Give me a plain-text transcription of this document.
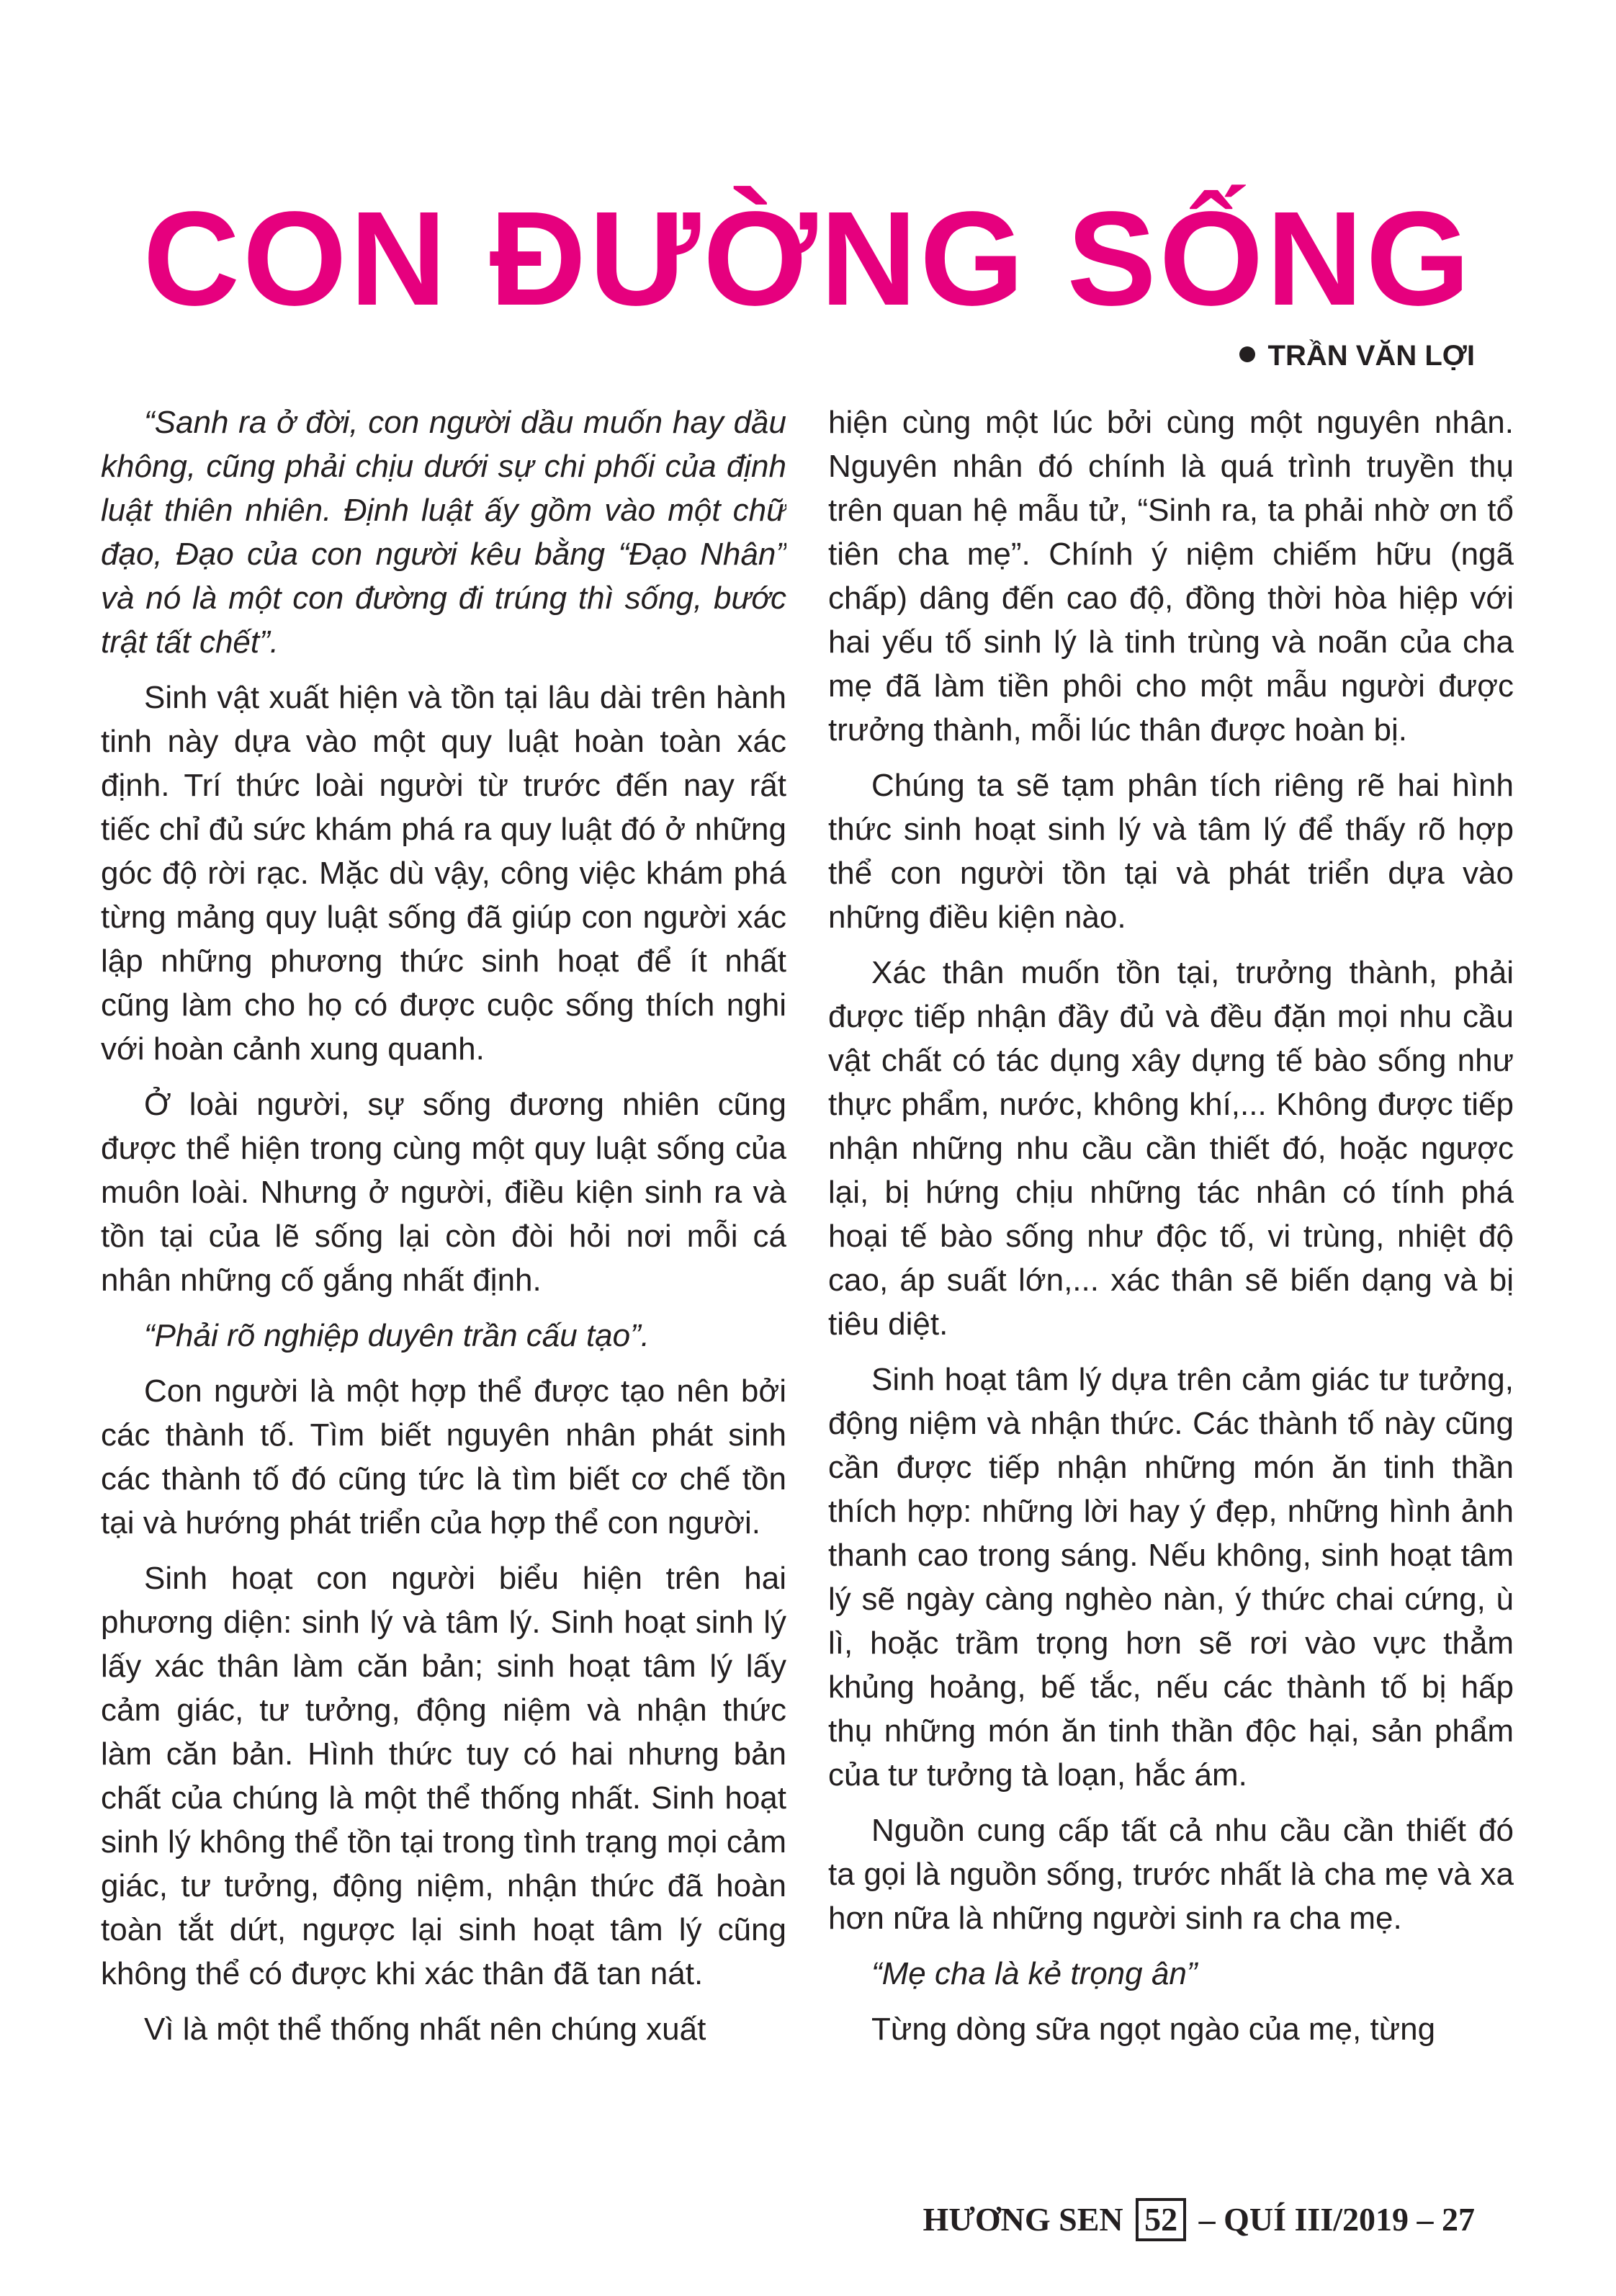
CON ĐƯỜNG SỐNG
TRẦN VĂN LỢI

“Sanh ra ở đời, con người dầu muốn hay dầu không, cũng phải chịu dưới sự chi phối của định luật thiên nhiên. Định luật ấy gồm vào một chữ đạo, Đạo của con người kêu bằng “Đạo Nhân” và nó là một con đường đi trúng thì sống, bước trật tất chết”.

Sinh vật xuất hiện và tồn tại lâu dài trên hành tinh này dựa vào một quy luật hoàn toàn xác định. Trí thức loài người từ trước đến nay rất tiếc chỉ đủ sức khám phá ra quy luật đó ở những góc độ rời rạc. Mặc dù vậy, công việc khám phá từng mảng quy luật sống đã giúp con người xác lập những phương thức sinh hoạt để ít nhất cũng làm cho họ có được cuộc sống thích nghi với hoàn cảnh xung quanh.

Ở loài người, sự sống đương nhiên cũng được thể hiện trong cùng một quy luật sống của muôn loài. Nhưng ở người, điều kiện sinh ra và tồn tại của lẽ sống lại còn đòi hỏi nơi mỗi cá nhân những cố gắng nhất định.

“Phải rõ nghiệp duyên trần cấu tạo”.

Con người là một hợp thể được tạo nên bởi các thành tố. Tìm biết nguyên nhân phát sinh các thành tố đó cũng tức là tìm biết cơ chế tồn tại và hướng phát triển của hợp thể con người.

Sinh hoạt con người biểu hiện trên hai phương diện: sinh lý và tâm lý. Sinh hoạt sinh lý lấy xác thân làm căn bản; sinh hoạt tâm lý lấy cảm giác, tư tưởng, động niệm và nhận thức làm căn bản. Hình thức tuy có hai nhưng bản chất của chúng là một thể thống nhất. Sinh hoạt sinh lý không thể tồn tại trong tình trạng mọi cảm giác, tư tưởng, động niệm, nhận thức đã hoàn toàn tắt dứt, ngược lại sinh hoạt tâm lý cũng không thể có được khi xác thân đã tan nát.

Vì là một thể thống nhất nên chúng xuất

hiện cùng một lúc bởi cùng một nguyên nhân. Nguyên nhân đó chính là quá trình truyền thụ trên quan hệ mẫu tử, “Sinh ra, ta phải nhờ ơn tổ tiên cha mẹ”. Chính ý niệm chiếm hữu (ngã chấp) dâng đến cao độ, đồng thời hòa hiệp với hai yếu tố sinh lý là tinh trùng và noãn của cha mẹ đã làm tiền phôi cho một mẫu người được trưởng thành, mỗi lúc thân được hoàn bị.

Chúng ta sẽ tạm phân tích riêng rẽ hai hình thức sinh hoạt sinh lý và tâm lý để thấy rõ hợp thể con người tồn tại và phát triển dựa vào những điều kiện nào.

Xác thân muốn tồn tại, trưởng thành, phải được tiếp nhận đầy đủ và đều đặn mọi nhu cầu vật chất có tác dụng xây dựng tế bào sống như thực phẩm, nước, không khí,... Không được tiếp nhận những nhu cầu cần thiết đó, hoặc ngược lại, bị hứng chịu những tác nhân có tính phá hoại tế bào sống như độc tố, vi trùng, nhiệt độ cao, áp suất lớn,... xác thân sẽ biến dạng và bị tiêu diệt.

Sinh hoạt tâm lý dựa trên cảm giác tư tưởng, động niệm và nhận thức. Các thành tố này cũng cần được tiếp nhận những món ăn tinh thần thích hợp: những lời hay ý đẹp, những hình ảnh thanh cao trong sáng. Nếu không, sinh hoạt tâm lý sẽ ngày càng nghèo nàn, ý thức chai cứng, ù lì, hoặc trầm trọng hơn sẽ rơi vào vực thẳm khủng hoảng, bế tắc, nếu các thành tố bị hấp thụ những món ăn tinh thần độc hại, sản phẩm của tư tưởng tà loạn, hắc ám.

Nguồn cung cấp tất cả nhu cầu cần thiết đó ta gọi là nguồn sống, trước nhất là cha mẹ và xa hơn nữa là những người sinh ra cha mẹ.

“Mẹ cha là kẻ trọng ân”

Từng dòng sữa ngọt ngào của mẹ, từng

HƯƠNG SEN 52 – QUÍ III/2019 – 27
